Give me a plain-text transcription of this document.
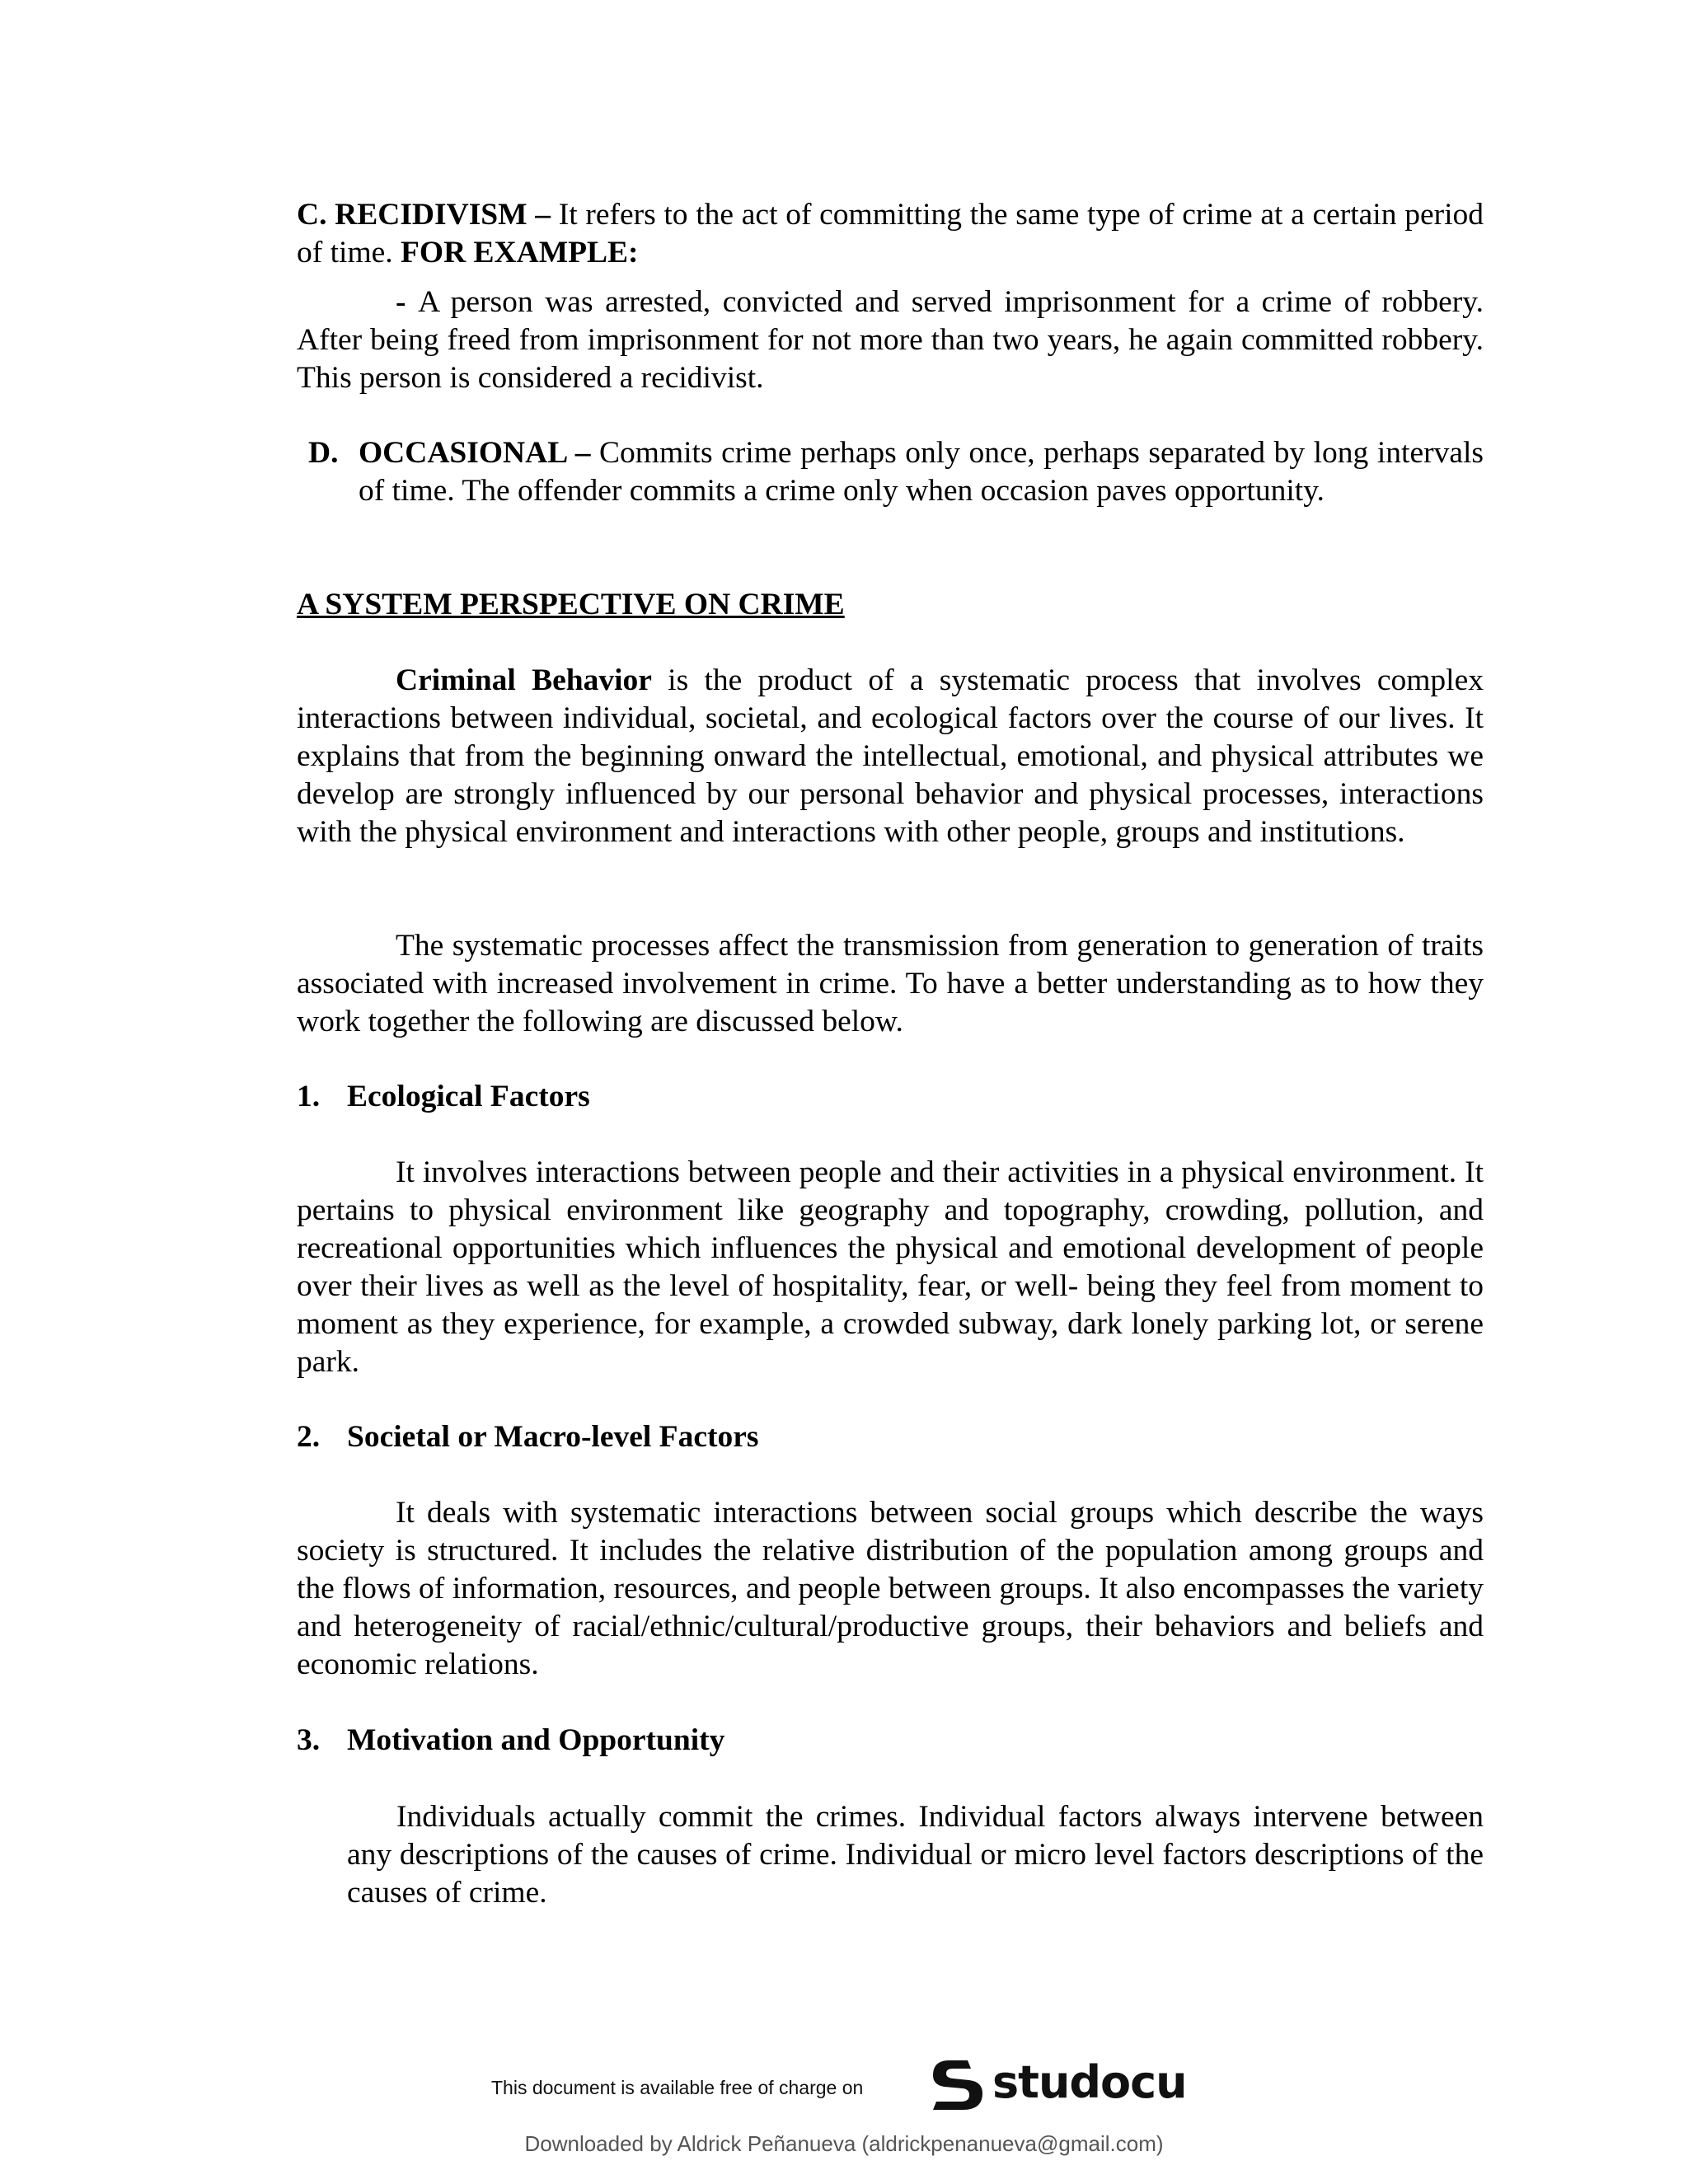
C. RECIDIVISM – It refers to the act of committing the same type of crime at a certain period of time. FOR EXAMPLE:

- A person was arrested, convicted and served imprisonment for a crime of robbery. After being freed from imprisonment for not more than two years, he again committed robbery. This person is considered a recidivist.

D. OCCASIONAL – Commits crime perhaps only once, perhaps separated by long intervals of time. The offender commits a crime only when occasion paves opportunity.

A SYSTEM PERSPECTIVE ON CRIME

Criminal Behavior is the product of a systematic process that involves complex interactions between individual, societal, and ecological factors over the course of our lives. It explains that from the beginning onward the intellectual, emotional, and physical attributes we develop are strongly influenced by our personal behavior and physical processes, interactions with the physical environment and interactions with other people, groups and institutions.

The systematic processes affect the transmission from generation to generation of traits associated with increased involvement in crime. To have a better understanding as to how they work together the following are discussed below.

1. Ecological Factors

It involves interactions between people and their activities in a physical environment. It pertains to physical environment like geography and topography, crowding, pollution, and recreational opportunities which influences the physical and emotional development of people over their lives as well as the level of hospitality, fear, or well- being they feel from moment to moment as they experience, for example, a crowded subway, dark lonely parking lot, or serene park.

2. Societal or Macro-level Factors

It deals with systematic interactions between social groups which describe the ways society is structured. It includes the relative distribution of the population among groups and the flows of information, resources, and people between groups. It also encompasses the variety and heterogeneity of racial/ethnic/cultural/productive groups, their behaviors and beliefs and economic relations.

3. Motivation and Opportunity

Individuals actually commit the crimes. Individual factors always intervene between any descriptions of the causes of crime. Individual or micro level factors descriptions of the causes of crime.

This document is available free of charge on	studocu
Downloaded by Aldrick Peñanueva (aldrickpenanueva@gmail.com)
